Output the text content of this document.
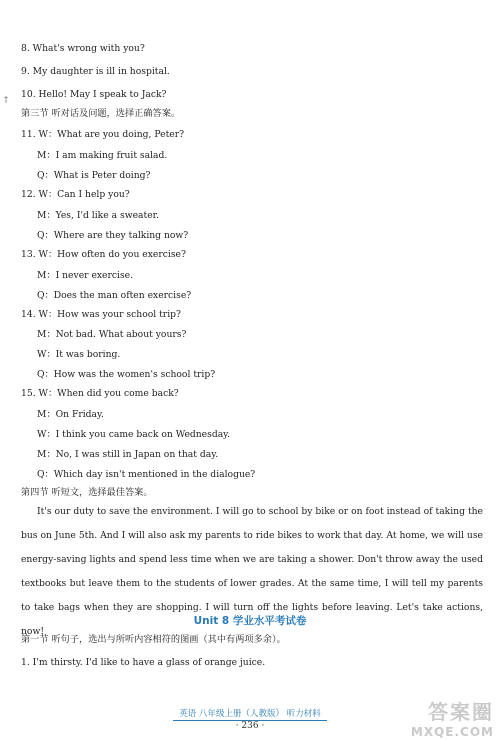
†
8. What's wrong with you?
9. My daughter is ill in hospital.
10. Hello! May I speak to Jack?
第三节 听对话及问题，选择正确答案。
11. W：What are you doing, Peter?
M：I am making fruit salad.
Q：What is Peter doing?
12. W：Can I help you?
M：Yes, I'd like a sweater.
Q：Where are they talking now?
13. W：How often do you exercise?
M：I never exercise.
Q：Does the man often exercise?
14. W：How was your school trip?
M：Not bad. What about yours?
W：It was boring.
Q：How was the women's school trip?
15. W：When did you come back?
M：On Friday.
W：I think you came back on Wednesday.
M：No, I was still in Japan on that day.
Q：Which day isn't mentioned in the dialogue?
第四节 听短文，选择最佳答案。
It's our duty to save the environment. I will go to school by bike or on foot instead of taking the bus on June 5th. And I will also ask my parents to ride bikes to work that day. At home, we will use energy-saving lights and spend less time when we are taking a shower. Don't throw away the used textbooks but leave them to the students of lower grades. At the same time, I will tell my parents to take bags when they are shopping. I will turn off the lights before leaving. Let's take actions, now!
Unit 8 学业水平考试卷
第一节 听句子，选出与所听内容相符的图画（其中有两项多余）。
1. I'm thirsty. I'd like to have a glass of orange juice.
英语 八年级上册（人教版） 听力材料
· 236 ·
答案圈
MXQE.COM
